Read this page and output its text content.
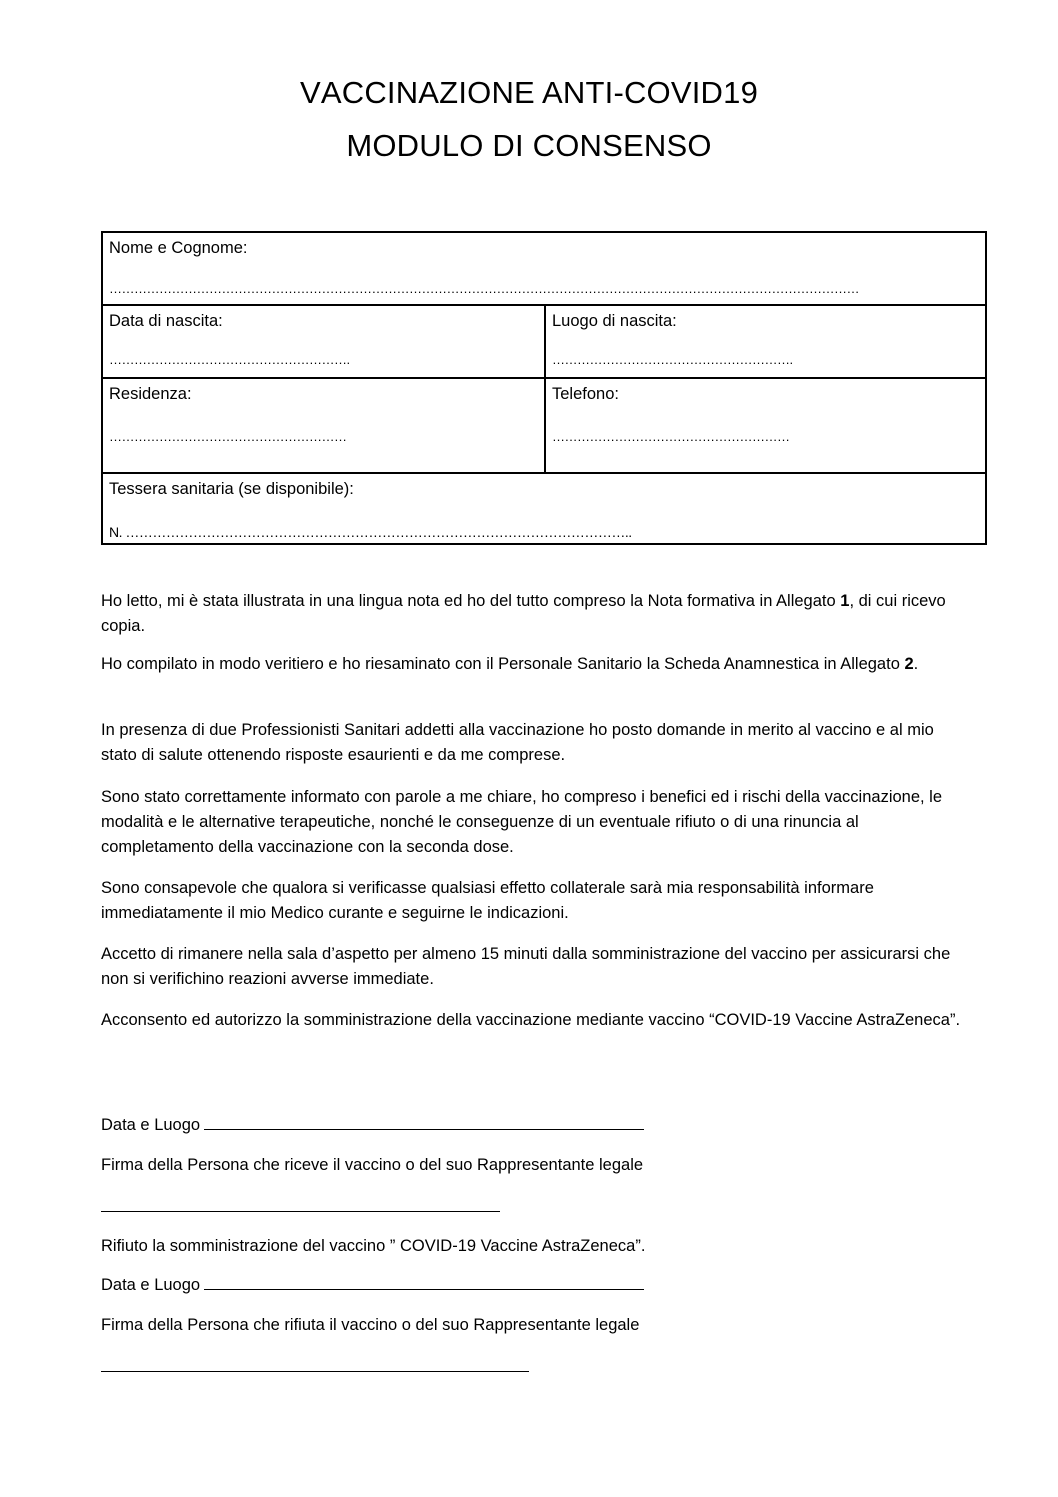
VACCINAZIONE ANTI-COVID19
MODULO DI CONSENSO
Nome e Cognome:
………………………………………………………………………………………………………………………………………………………………
Data di nascita:
………………………………………………….
Luogo di nascita:
………………………………………………….
Residenza:
…………………………………………………
Telefono:
…………………………………………………
Tessera sanitaria (se disponibile):
N. …………………………………………………………………………………………………..

Ho letto, mi è stata illustrata in una lingua nota ed ho del tutto compreso la Nota formativa in Allegato 1, di cui ricevo copia.

Ho compilato in modo veritiero e ho riesaminato con il Personale Sanitario la Scheda Anamnestica in Allegato 2.

In presenza di due Professionisti Sanitari addetti alla vaccinazione ho posto domande in merito al vaccino e al mio stato di salute ottenendo risposte esaurienti e da me comprese.

Sono stato correttamente informato con parole a me chiare, ho compreso i benefici ed i rischi della vaccinazione, le modalità e le alternative terapeutiche, nonché le conseguenze di un eventuale rifiuto o di una rinuncia al completamento della vaccinazione con la seconda dose.

Sono consapevole che qualora si verificasse qualsiasi effetto collaterale sarà mia responsabilità informare immediatamente il mio Medico curante e seguirne le indicazioni.

Accetto di rimanere nella sala d’aspetto per almeno 15 minuti dalla somministrazione del vaccino per assicurarsi che non si verifichino reazioni avverse immediate.

Acconsento ed autorizzo la somministrazione della vaccinazione mediante vaccino “COVID-19 Vaccine AstraZeneca”.

Data e Luogo
Firma della Persona che riceve il vaccino o del suo Rappresentante legale
Rifiuto la somministrazione del vaccino ” COVID-19 Vaccine AstraZeneca”.
Data e Luogo
Firma della Persona che rifiuta il vaccino o del suo Rappresentante legale
